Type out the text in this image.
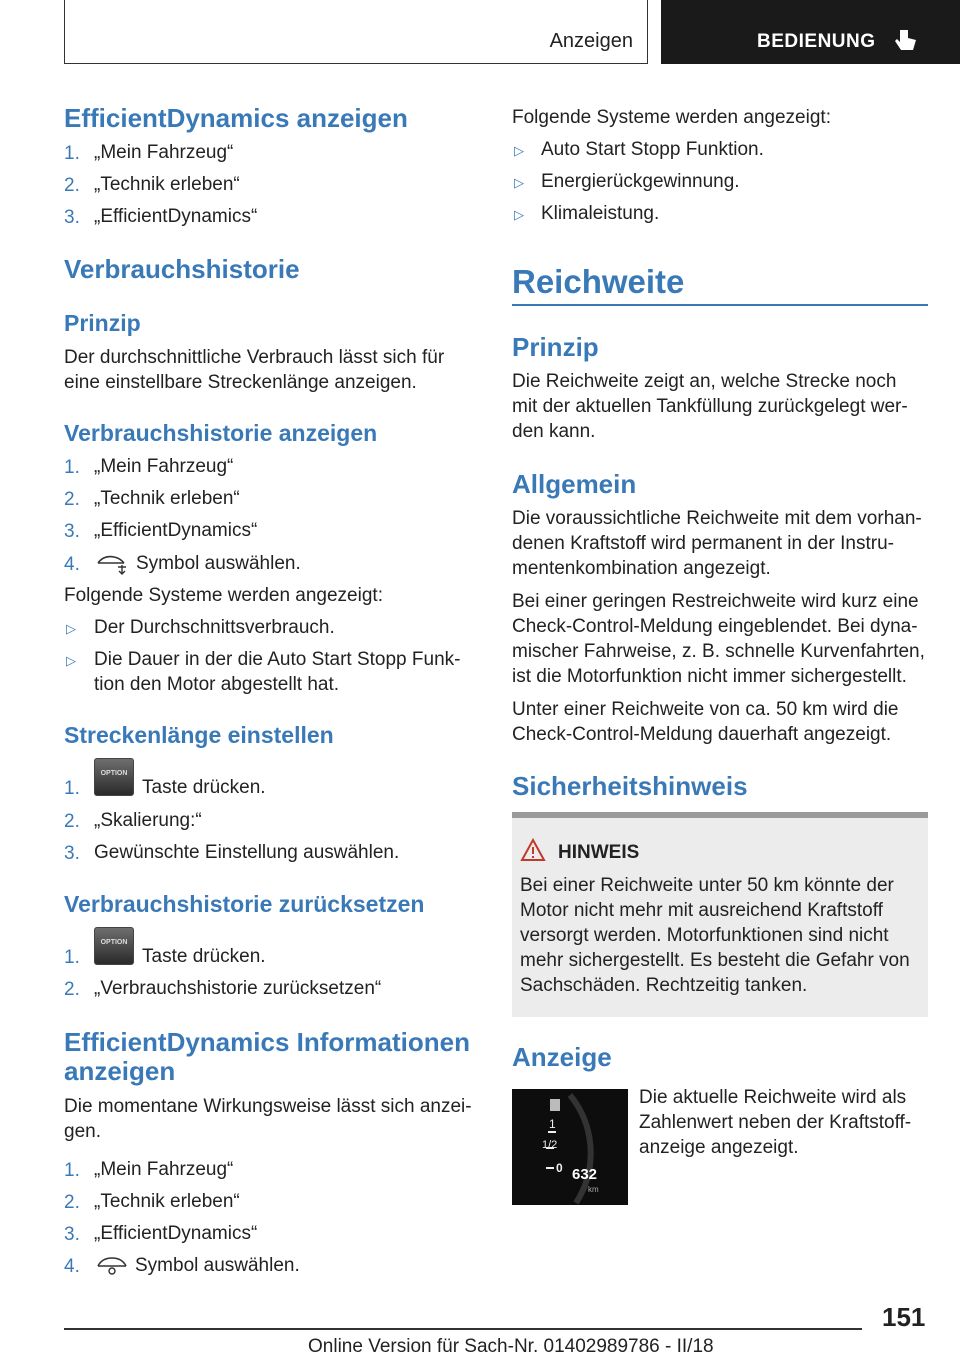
Anzeigen	BEDIENUNG
EfficientDynamics anzeigen
1. „Mein Fahrzeug“
2. „Technik erleben“
3. „EfficientDynamics“
Verbrauchshistorie
Prinzip
Der durchschnittliche Verbrauch lässt sich für
eine einstellbare Streckenlänge anzeigen.
Verbrauchshistorie anzeigen
1. „Mein Fahrzeug“
2. „Technik erleben“
3. „EfficientDynamics“
4.	Symbol auswählen.
Folgende Systeme werden angezeigt:
▷ Der Durchschnittsverbrauch.
▷ Die Dauer in der die Auto Start Stopp Funk-
tion den Motor abgestellt hat.
Streckenlänge einstellen
1.
OPTION
Taste drücken.
2. „Skalierung:“
3. Gewünschte Einstellung auswählen.
Verbrauchshistorie zurücksetzen
1.
OPTION
Taste drücken.
2. „Verbrauchshistorie zurücksetzen“
EfficientDynamics Informationen
anzeigen
Die momentane Wirkungsweise lässt sich anzei-
gen.
1. „Mein Fahrzeug“
2. „Technik erleben“
3. „EfficientDynamics“
4.	Symbol auswählen.
Folgende Systeme werden angezeigt:
▷ Auto Start Stopp Funktion.
▷ Energierückgewinnung.
▷ Klimaleistung.
Reichweite
Prinzip
Die Reichweite zeigt an, welche Strecke noch
mit der aktuellen Tankfüllung zurückgelegt wer-
den kann.
Allgemein
Die voraussichtliche Reichweite mit dem vorhan-
denen Kraftstoff wird permanent in der Instru-
mentenkombination angezeigt.
Bei einer geringen Restreichweite wird kurz eine
Check-Control-Meldung eingeblendet. Bei dyna-
mischer Fahrweise, z. B. schnelle Kurvenfahrten,
ist die Motorfunktion nicht immer sichergestellt.
Unter einer Reichweite von ca. 50 km wird die
Check-Control-Meldung dauerhaft angezeigt.
Sicherheitshinweis
HINWEIS
Bei einer Reichweite unter 50 km könnte der
Motor nicht mehr mit ausreichend Kraftstoff
versorgt werden. Motorfunktionen sind nicht
mehr sichergestellt. Es besteht die Gefahr von
Sachschäden. Rechtzeitig tanken.
Anzeige
1
1/2
0 632
km
Die aktuelle Reichweite wird als
Zahlenwert neben der Kraftstoff-
anzeige angezeigt.
151
Online Version für Sach-Nr. 01402989786 - II/18
